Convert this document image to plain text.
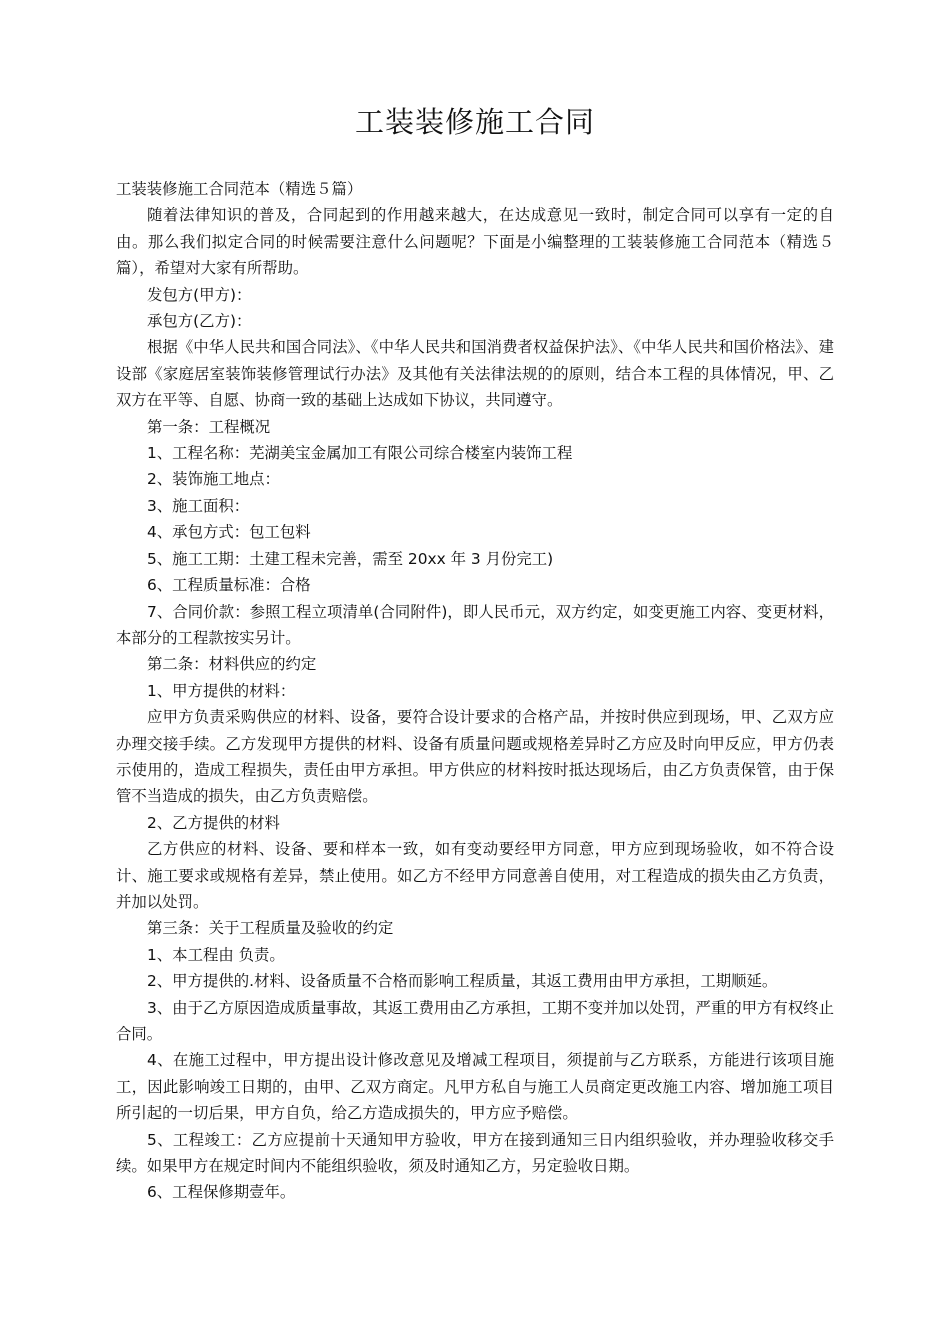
工装装修施工合同

工装装修施工合同范本（精选５篇）

随着法律知识的普及，合同起到的作用越来越大，在达成意见一致时，制定合同可以享有一定的自由。那么我们拟定合同的时候需要注意什么问题呢？下面是小编整理的工装装修施工合同范本（精选５篇），希望对大家有所帮助。

发包方(甲方)：

承包方(乙方)：

根据《中华人民共和国合同法》、《中华人民共和国消费者权益保护法》、《中华人民共和国价格法》、建设部《家庭居室装饰装修管理试行办法》及其他有关法律法规的的原则，结合本工程的具体情况，甲、乙双方在平等、自愿、协商一致的基础上达成如下协议，共同遵守。

第一条：工程概况

1、工程名称：芜湖美宝金属加工有限公司综合楼室内装饰工程

2、装饰施工地点：

3、施工面积：

4、承包方式：包工包料

5、施工工期：土建工程未完善，需至 20xx 年 3 月份完工)

6、工程质量标准：合格

7、合同价款：参照工程立项清单(合同附件)，即人民币元，双方约定，如变更施工内容、变更材料，本部分的工程款按实另计。

第二条：材料供应的约定

1、甲方提供的材料：

应甲方负责采购供应的材料、设备，要符合设计要求的合格产品，并按时供应到现场，甲、乙双方应办理交接手续。乙方发现甲方提供的材料、设备有质量问题或规格差异时乙方应及时向甲反应，甲方仍表示使用的，造成工程损失，责任由甲方承担。甲方供应的材料按时抵达现场后，由乙方负责保管，由于保管不当造成的损失，由乙方负责赔偿。

2、乙方提供的材料

乙方供应的材料、设备、要和样本一致，如有变动要经甲方同意，甲方应到现场验收，如不符合设计、施工要求或规格有差异，禁止使用。如乙方不经甲方同意善自使用，对工程造成的损失由乙方负责，并加以处罚。

第三条：关于工程质量及验收的约定

1、本工程由 负责。

2、甲方提供的.材料、设备质量不合格而影响工程质量，其返工费用由甲方承担，工期顺延。

3、由于乙方原因造成质量事故，其返工费用由乙方承担，工期不变并加以处罚，严重的甲方有权终止合同。

4、在施工过程中，甲方提出设计修改意见及增减工程项目，须提前与乙方联系，方能进行该项目施工，因此影响竣工日期的，由甲、乙双方商定。凡甲方私自与施工人员商定更改施工内容、增加施工项目所引起的一切后果，甲方自负，给乙方造成损失的，甲方应予赔偿。

5、工程竣工：乙方应提前十天通知甲方验收，甲方在接到通知三日内组织验收，并办理验收移交手续。如果甲方在规定时间内不能组织验收，须及时通知乙方，另定验收日期。

6、工程保修期壹年。
